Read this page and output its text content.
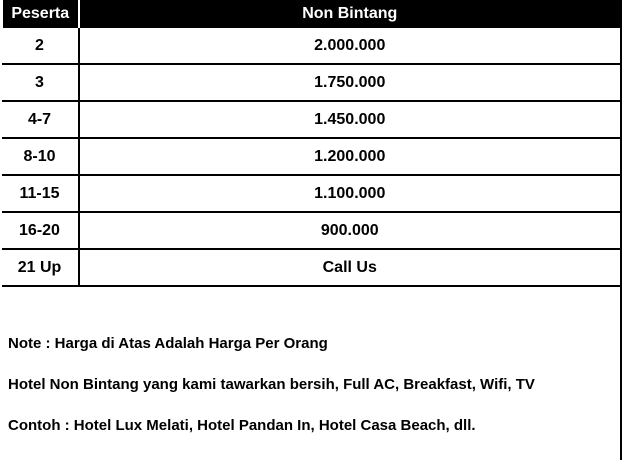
Peserta	Non Bintang
2	2.000.000
3	1.750.000
4-7	1.450.000
8-10	1.200.000
11-15	1.100.000
16-20	900.000
21 Up	Call Us

Note : Harga di Atas Adalah Harga Per Orang

Hotel Non Bintang yang kami tawarkan bersih, Full AC, Breakfast, Wifi, TV

Contoh : Hotel Lux Melati, Hotel Pandan In, Hotel Casa Beach, dll.
